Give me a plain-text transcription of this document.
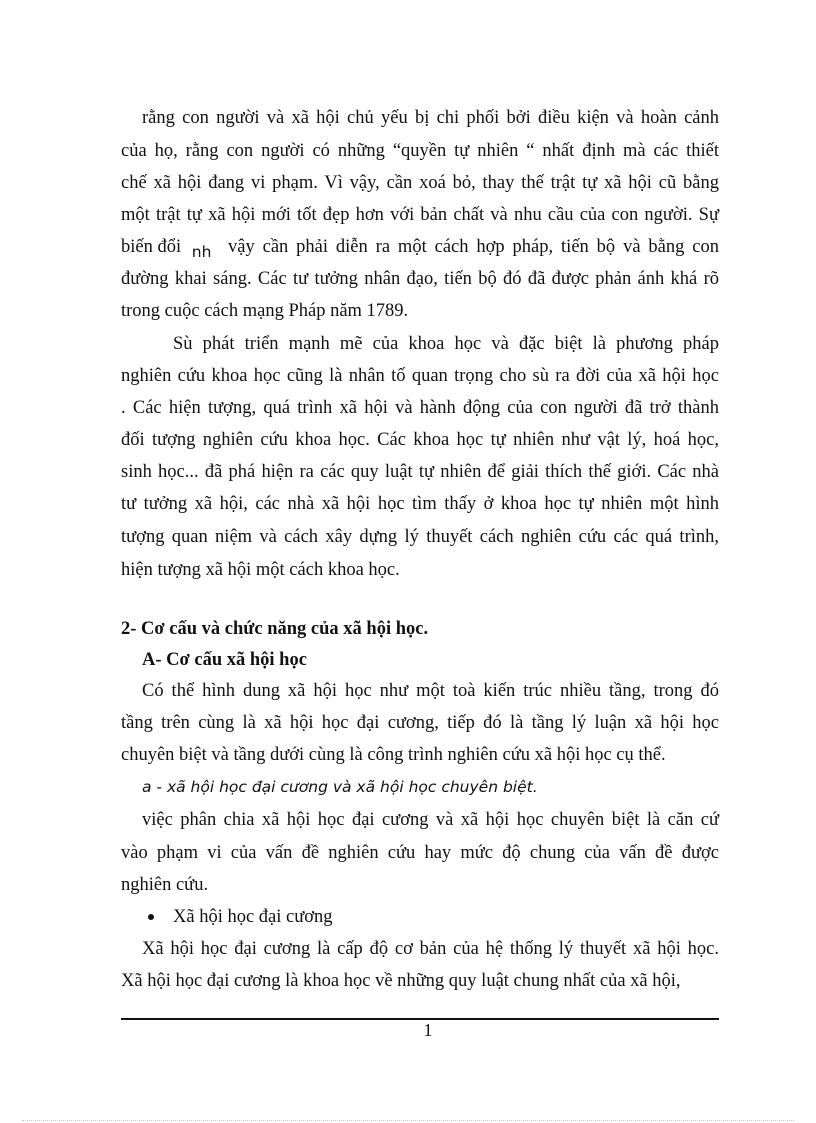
rằng con người và xã hội chủ yếu bị chi phối bởi điều kiện và hoàn cảnh
của họ, rằng con người có những “quyền tự nhiên “ nhất định mà các thiết
chế xã hội đang vi phạm. Vì vậy, cần xoá bỏ, thay thế trật tự xã hội cũ bằng
một trật tự xã hội mới tốt đẹp hơn với bản chất và nhu cầu của con người. Sự
biến đổi $_{nh}$ vậy cần phải diễn ra một cách hợp pháp, tiến bộ và bằng con
đường khai sáng. Các tư tưởng nhân đạo, tiến bộ đó đã được phản ánh khá rõ
trong cuộc cách mạng Pháp năm 1789.
Sù phát triển mạnh mẽ của khoa học và đặc biệt là phương pháp
nghiên cứu khoa học cũng là nhân tố quan trọng cho sù ra đời của xã hội học
. Các hiện tượng, quá trình xã hội và hành động của con người đã trở thành
đối tượng nghiên cứu khoa học. Các khoa học tự nhiên như vật lý, hoá học,
sinh học... đã phá hiện ra các quy luật tự nhiên để giải thích thế giới. Các nhà
tư tưởng xã hội, các nhà xã hội học tìm thấy ở khoa học tự nhiên một hình
tượng quan niệm và cách xây dựng lý thuyết cách nghiên cứu các quá trình,
hiện tượng xã hội một cách khoa học.
2- Cơ cấu và chức năng của xã hội học.
A- Cơ cấu xã hội học
Có thể hình dung xã hội học như một toà kiến trúc nhiều tầng, trong đó
tầng trên cùng là xã hội học đại cương, tiếp đó là tầng lý luận xã hội học
chuyên biệt và tầng dưới cùng là công trình nghiên cứu xã hội học cụ thể.
a - xã hội học đại cương và xã hội học chuyên biệt.
việc phân chia xã hội học đại cương và xã hội học chuyên biệt là căn cứ
vào phạm vi của vấn đề nghiên cứu hay mức độ chung của vấn đề được
nghiên cứu.
Xã hội học đại cương
Xã hội học đại cương là cấp độ cơ bản của hệ thống lý thuyết xã hội học.
Xã hội học đại cương là khoa học về những quy luật chung nhất của xã hội,
1
